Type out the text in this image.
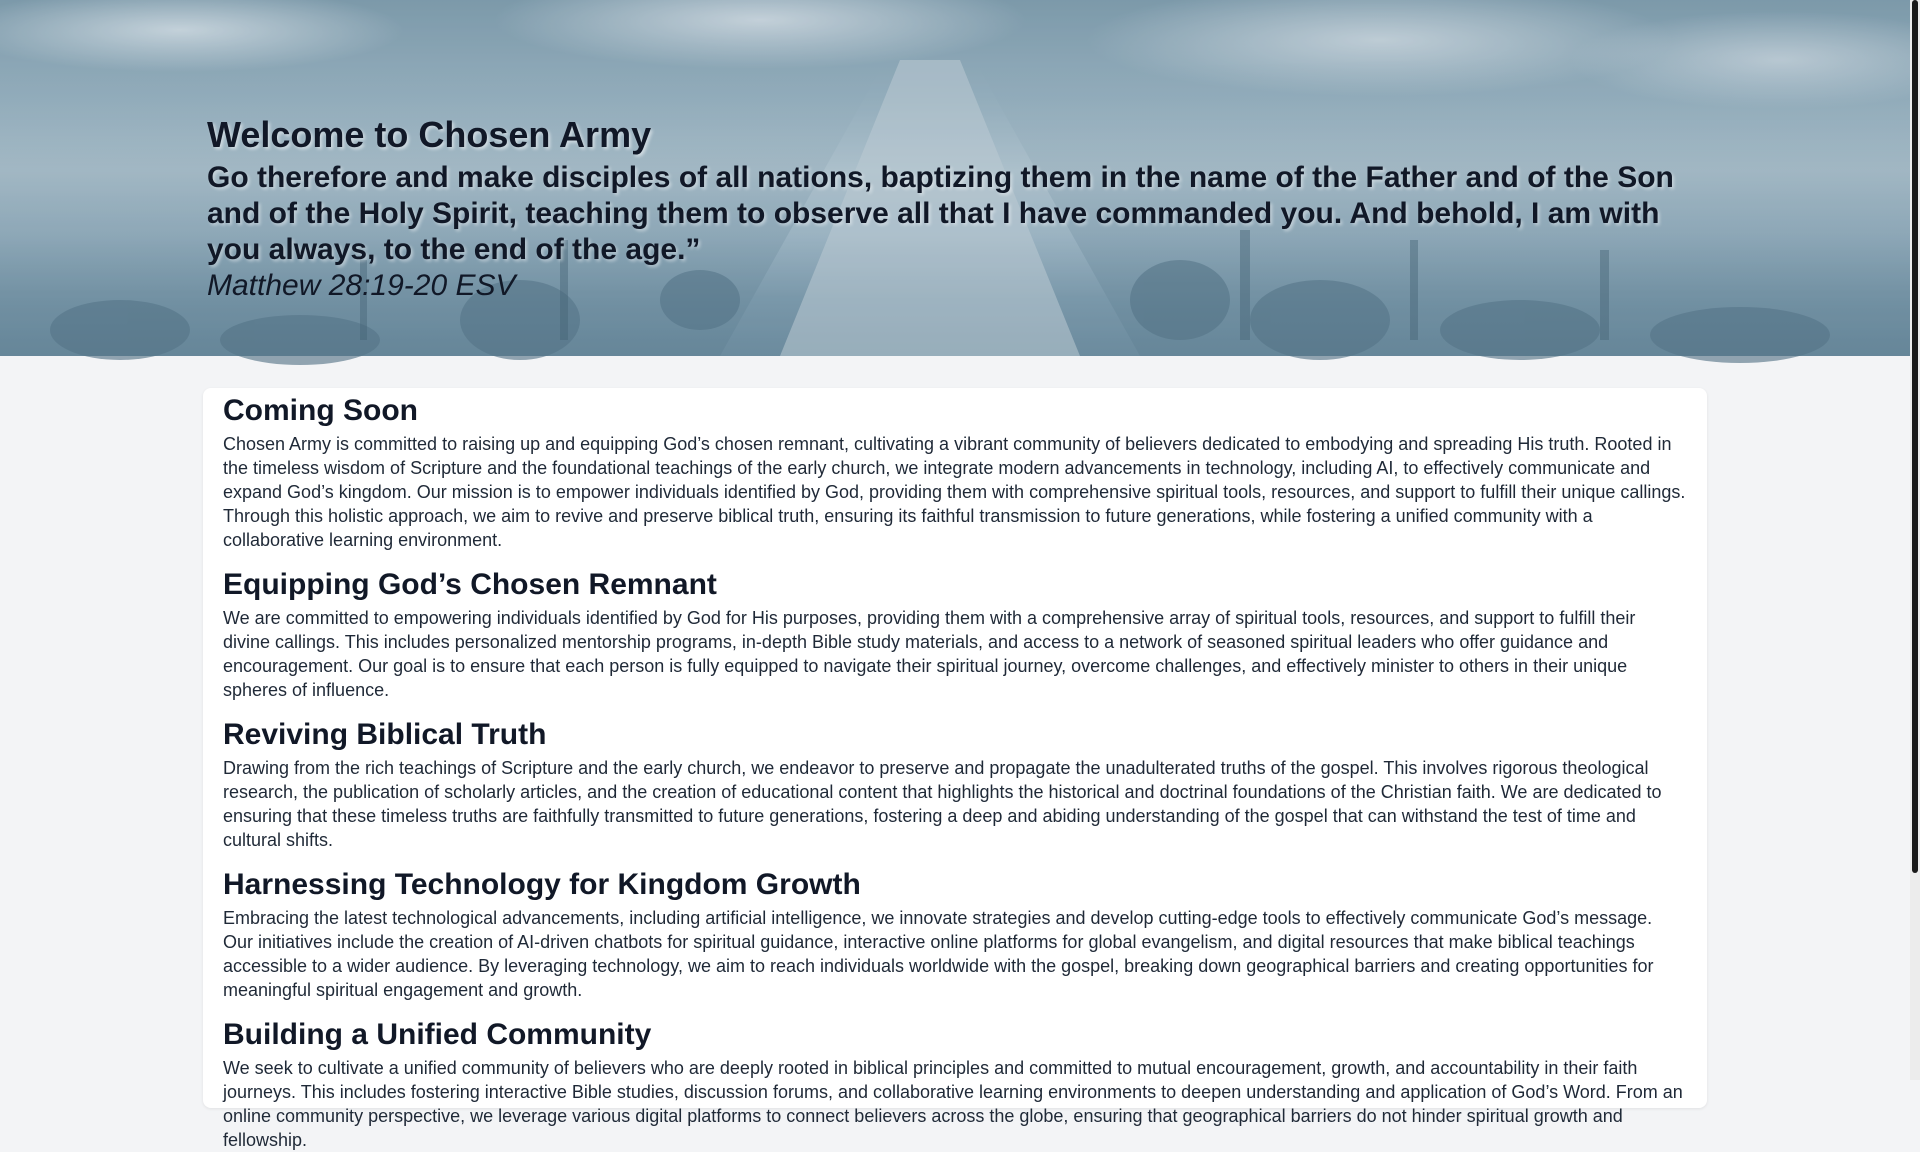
Welcome to Chosen Army

Go therefore and make disciples of all nations, baptizing them in the name of the Father and of the Son and of the Holy Spirit, teaching them to observe all that I have commanded you. And behold, I am with you always, to the end of the age.”

Matthew 28:19-20 ESV

Coming Soon

Chosen Army is committed to raising up and equipping God’s chosen remnant, cultivating a vibrant community of believers dedicated to embodying and spreading His truth. Rooted in the timeless wisdom of Scripture and the foundational teachings of the early church, we integrate modern advancements in technology, including AI, to effectively communicate and expand God’s kingdom. Our mission is to empower individuals identified by God, providing them with comprehensive spiritual tools, resources, and support to fulfill their unique callings. Through this holistic approach, we aim to revive and preserve biblical truth, ensuring its faithful transmission to future generations, while fostering a unified community with a collaborative learning environment.

Equipping God’s Chosen Remnant

We are committed to empowering individuals identified by God for His purposes, providing them with a comprehensive array of spiritual tools, resources, and support to fulfill their divine callings. This includes personalized mentorship programs, in-depth Bible study materials, and access to a network of seasoned spiritual leaders who offer guidance and encouragement. Our goal is to ensure that each person is fully equipped to navigate their spiritual journey, overcome challenges, and effectively minister to others in their unique spheres of influence.

Reviving Biblical Truth

Drawing from the rich teachings of Scripture and the early church, we endeavor to preserve and propagate the unadulterated truths of the gospel. This involves rigorous theological research, the publication of scholarly articles, and the creation of educational content that highlights the historical and doctrinal foundations of the Christian faith. We are dedicated to ensuring that these timeless truths are faithfully transmitted to future generations, fostering a deep and abiding understanding of the gospel that can withstand the test of time and cultural shifts.

Harnessing Technology for Kingdom Growth

Embracing the latest technological advancements, including artificial intelligence, we innovate strategies and develop cutting-edge tools to effectively communicate God’s message. Our initiatives include the creation of AI-driven chatbots for spiritual guidance, interactive online platforms for global evangelism, and digital resources that make biblical teachings accessible to a wider audience. By leveraging technology, we aim to reach individuals worldwide with the gospel, breaking down geographical barriers and creating opportunities for meaningful spiritual engagement and growth.

Building a Unified Community

We seek to cultivate a unified community of believers who are deeply rooted in biblical principles and committed to mutual encouragement, growth, and accountability in their faith journeys. This includes fostering interactive Bible studies, discussion forums, and collaborative learning environments to deepen understanding and application of God’s Word. From an online community perspective, we leverage various digital platforms to connect believers across the globe, ensuring that geographical barriers do not hinder spiritual growth and fellowship.
